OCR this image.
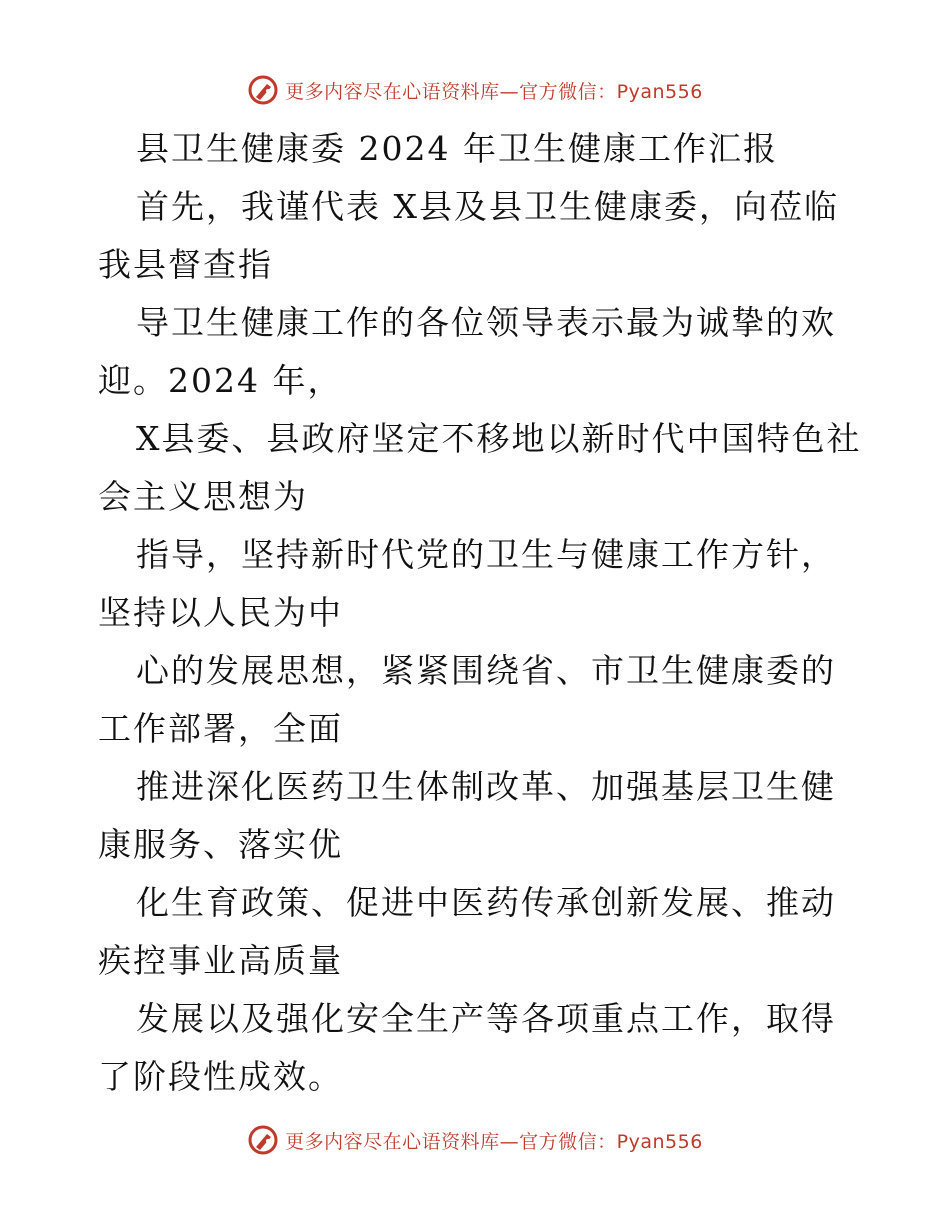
更多内容尽在心语资料库—官方微信：Pyan556

县卫生健康委 2024 年卫生健康工作汇报

首先，我谨代表 X县及县卫生健康委，向莅临我县督查指

导卫生健康工作的各位领导表示最为诚挚的欢迎。2024 年，

X县委、县政府坚定不移地以新时代中国特色社会主义思想为

指导，坚持新时代党的卫生与健康工作方针，坚持以人民为中

心的发展思想，紧紧围绕省、市卫生健康委的工作部署，全面

推进深化医药卫生体制改革、加强基层卫生健康服务、落实优

化生育政策、促进中医药传承创新发展、推动疾控事业高质量

发展以及强化安全生产等各项重点工作，取得了阶段性成效。

更多内容尽在心语资料库—官方微信：Pyan556
